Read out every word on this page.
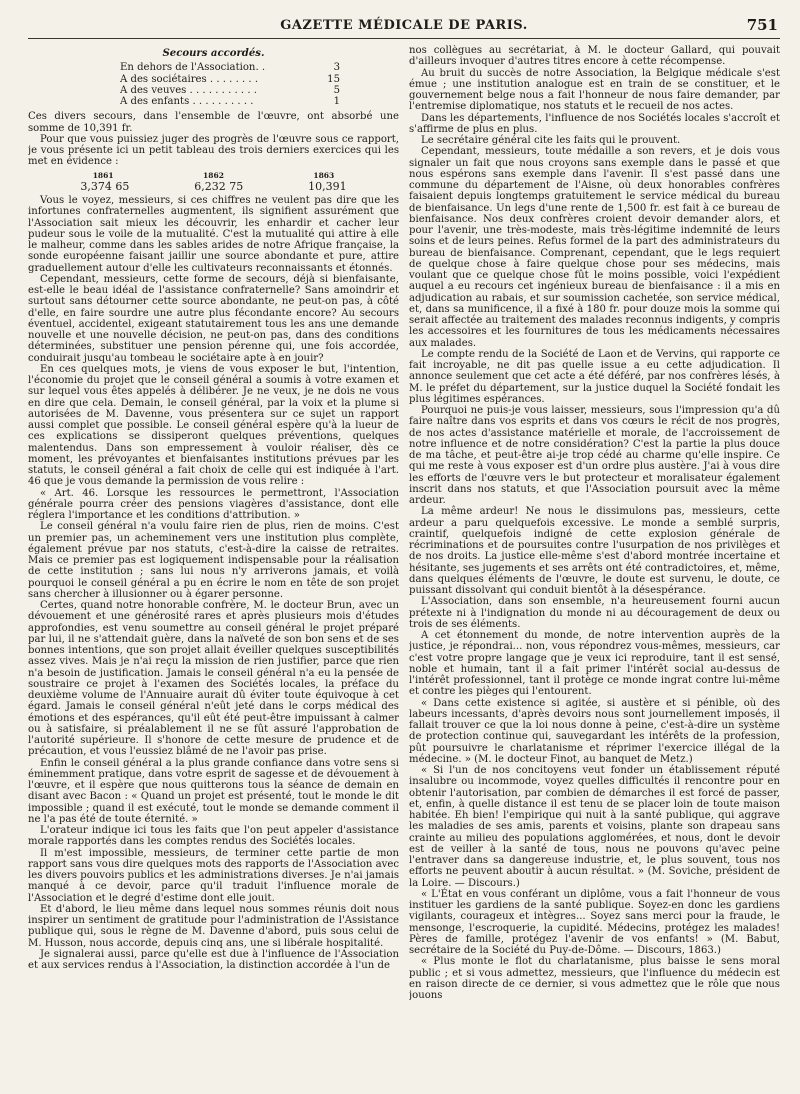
GAZETTE MÉDICALE DE PARIS.	751
Secours accordés.
En dehors de l'Association. .	3
A des sociétaires . . . . . . . .	15
A des veuves . . . . . . . . . . .	5
A des enfants . . . . . . . . . .	1

Ces divers secours, dans l'ensemble de l'œuvre, ont absorbé une somme de 10,391 fr.

Pour que vous puissiez juger des progrès de l'œuvre sous ce rapport, je vous présente ici un petit tableau des trois derniers exercices qui les met en évidence :

1861	1862	1863
3,374 65	6,232 75	10,391

Vous le voyez, messieurs, si ces chiffres ne veulent pas dire que les infortunes confraternelles augmentent, ils signifient assurément que l'Association sait mieux les découvrir, les enhardir et cacher leur pudeur sous le voile de la mutualité. C'est la mutualité qui attire à elle le malheur, comme dans les sables arides de notre Afrique française, la sonde européenne faisant jaillir une source abondante et pure, attire graduellement autour d'elle les cultivateurs reconnaissants et étonnés.

Cependant, messieurs, cette forme de secours, déjà si bienfaisante, est-elle le beau idéal de l'assistance confraternelle? Sans amoindrir et surtout sans détourner cette source abondante, ne peut-on pas, à côté d'elle, en faire sourdre une autre plus fécondante encore? Au secours éventuel, accidentel, exigeant statutairement tous les ans une demande nouvelle et une nouvelle décision, ne peut-on pas, dans des conditions déterminées, substituer une pension pérenne qui, une fois accordée, conduirait jusqu'au tombeau le sociétaire apte à en jouir?

En ces quelques mots, je viens de vous exposer le but, l'intention, l'économie du projet que le conseil général a soumis à votre examen et sur lequel vous êtes appelés à délibérer. Je ne veux, je ne dois ne vous en dire que cela. Demain, le conseil général, par la voix et la plume si autorisées de M. Davenne, vous présentera sur ce sujet un rapport aussi complet que possible. Le conseil général espère qu'à la lueur de ces explications se dissiperont quelques préventions, quelques malentendus. Dans son empressement à vouloir réaliser, dès ce moment, les prévoyantes et bienfaisantes institutions prévues par les statuts, le conseil général a fait choix de celle qui est indiquée à l'art. 46 que je vous demande la permission de vous relire :

« Art. 46. Lorsque les ressources le permettront, l'Association générale pourra créer des pensions viagères d'assistance, dont elle réglera l'importance et les conditions d'attribution. »

Le conseil général n'a voulu faire rien de plus, rien de moins. C'est un premier pas, un acheminement vers une institution plus complète, également prévue par nos statuts, c'est-à-dire la caisse de retraites. Mais ce premier pas est logiquement indispensable pour la réalisation de cette institution ; sans lui nous n'y arriverons jamais, et voilà pourquoi le conseil général a pu en écrire le nom en tête de son projet sans chercher à illusionner ou à égarer personne.

Certes, quand notre honorable confrère, M. le docteur Brun, avec un dévouement et une générosité rares et après plusieurs mois d'études approfondies, est venu soumettre au conseil général le projet préparé par lui, il ne s'attendait guère, dans la naïveté de son bon sens et de ses bonnes intentions, que son projet allait éveiller quelques susceptibilités assez vives. Mais je n'ai reçu la mission de rien justifier, parce que rien n'a besoin de justification. Jamais le conseil général n'a eu la pensée de soustraire ce projet à l'examen des Sociétés locales, la préface du deuxième volume de l'Annuaire aurait dû éviter toute équivoque à cet égard. Jamais le conseil général n'eût jeté dans le corps médical des émotions et des espérances, qu'il eût été peut-être impuissant à calmer ou à satisfaire, si préalablement il ne se fût assuré l'approbation de l'autorité supérieure. Il s'honore de cette mesure de prudence et de précaution, et vous l'eussiez blâmé de ne l'avoir pas prise.

Enfin le conseil général a la plus grande confiance dans votre sens si éminemment pratique, dans votre esprit de sagesse et de dévouement à l'œuvre, et il espère que nous quitterons tous la séance de demain en disant avec Bacon : « Quand un projet est présenté, tout le monde le dit impossible ; quand il est exécuté, tout le monde se demande comment il ne l'a pas été de toute éternité. »

L'orateur indique ici tous les faits que l'on peut appeler d'assistance morale rapportés dans les comptes rendus des Sociétés locales.

Il m'est impossible, messieurs, de terminer cette partie de mon rapport sans vous dire quelques mots des rapports de l'Association avec les divers pouvoirs publics et les administrations diverses. Je n'ai jamais manqué à ce devoir, parce qu'il traduit l'influence morale de l'Association et le degré d'estime dont elle jouit.

Et d'abord, le lieu même dans lequel nous sommes réunis doit nous inspirer un sentiment de gratitude pour l'administration de l'Assistance publique qui, sous le règne de M. Davenne d'abord, puis sous celui de M. Husson, nous accorde, depuis cinq ans, une si libérale hospitalité.

Je signalerai aussi, parce qu'elle est due à l'influence de l'Association et aux services rendus à l'Association, la distinction accordée à l'un de

nos collègues au secrétariat, à M. le docteur Gallard, qui pouvait d'ailleurs invoquer d'autres titres encore à cette récompense.

Au bruit du succès de notre Association, la Belgique médicale s'est émue ; une institution analogue est en train de se constituer, et le gouvernement belge nous a fait l'honneur de nous faire demander, par l'entremise diplomatique, nos statuts et le recueil de nos actes.

Dans les départements, l'influence de nos Sociétés locales s'accroît et s'affirme de plus en plus.

Le secrétaire général cite les faits qui le prouvent.

Cependant, messieurs, toute médaille a son revers, et je dois vous signaler un fait que nous croyons sans exemple dans le passé et que nous espérons sans exemple dans l'avenir. Il s'est passé dans une commune du département de l'Aisne, où deux honorables confrères faisaient depuis longtemps gratuitement le service médical du bureau de bienfaisance. Un legs d'une rente de 1,500 fr. est fait à ce bureau de bienfaisance. Nos deux confrères croient devoir demander alors, et pour l'avenir, une très-modeste, mais très-légitime indemnité de leurs soins et de leurs peines. Refus formel de la part des administrateurs du bureau de bienfaisance. Comprenant, cependant, que le legs requiert de quelque chose à faire quelque chose pour ses médecins, mais voulant que ce quelque chose fût le moins possible, voici l'expédient auquel a eu recours cet ingénieux bureau de bienfaisance : il a mis en adjudication au rabais, et sur soumission cachetée, son service médical, et, dans sa munificence, il a fixé à 180 fr. pour douze mois la somme qui serait affectée au traitement des malades reconnus indigents, y compris les accessoires et les fournitures de tous les médicaments nécessaires aux malades.

Le compte rendu de la Société de Laon et de Vervins, qui rapporte ce fait incroyable, ne dit pas quelle issue a eu cette adjudication. Il annonce seulement que cet acte a été déféré, par nos confrères lésés, à M. le préfet du département, sur la justice duquel la Société fondait les plus légitimes espérances.

Pourquoi ne puis-je vous laisser, messieurs, sous l'impression qu'a dû faire naître dans vos esprits et dans vos cœurs le récit de nos progrès, de nos actes d'assistance matérielle et morale, de l'accroissement de notre influence et de notre considération? C'est la partie la plus douce de ma tâche, et peut-être ai-je trop cédé au charme qu'elle inspire. Ce qui me reste à vous exposer est d'un ordre plus austère. J'ai à vous dire les efforts de l'œuvre vers le but protecteur et moralisateur également inscrit dans nos statuts, et que l'Association poursuit avec la même ardeur.

La même ardeur! Ne nous le dissimulons pas, messieurs, cette ardeur a paru quelquefois excessive. Le monde a semblé surpris, craintif, quelquefois indigné de cette explosion générale de récriminations et de poursuites contre l'usurpation de nos privilèges et de nos droits. La justice elle-même s'est d'abord montrée incertaine et hésitante, ses jugements et ses arrêts ont été contradictoires, et, même, dans quelques éléments de l'œuvre, le doute est survenu, le doute, ce puissant dissolvant qui conduit bientôt à la désespérance.

L'Association, dans son ensemble, n'a heureusement fourni aucun prétexte ni à l'indignation du monde ni au découragement de deux ou trois de ses éléments.

A cet étonnement du monde, de notre intervention auprès de la justice, je répondrai... non, vous répondrez vous-mêmes, messieurs, car c'est votre propre langage que je veux ici reproduire, tant il est sensé, noble et humain, tant il a fait primer l'intérêt social au-dessus de l'intérêt professionnel, tant il protège ce monde ingrat contre lui-même et contre les pièges qui l'entourent.

« Dans cette existence si agitée, si austère et si pénible, où des labeurs incessants, d'après devoirs nous sont journellement imposés, il fallait trouver ce que la loi nous donne à peine, c'est-à-dire un système de protection continue qui, sauvegardant les intérêts de la profession, pût poursuivre le charlatanisme et réprimer l'exercice illégal de la médecine. » (M. le docteur Finot, au banquet de Metz.)

« Si l'un de nos concitoyens veut fonder un établissement réputé insalubre ou incommode, voyez quelles difficultés il rencontre pour en obtenir l'autorisation, par combien de démarches il est forcé de passer, et, enfin, à quelle distance il est tenu de se placer loin de toute maison habitée. Eh bien! l'empirique qui nuit à la santé publique, qui aggrave les maladies de ses amis, parents et voisins, plante son drapeau sans crainte au milieu des populations agglomérées, et nous, dont le devoir est de veiller à la santé de tous, nous ne pouvons qu'avec peine l'entraver dans sa dangereuse industrie, et, le plus souvent, tous nos efforts ne peuvent aboutir à aucun résultat. » (M. Soviche, président de la Loire. — Discours.)

« L'État en vous conférant un diplôme, vous a fait l'honneur de vous instituer les gardiens de la santé publique. Soyez-en donc les gardiens vigilants, courageux et intègres... Soyez sans merci pour la fraude, le mensonge, l'escroquerie, la cupidité. Médecins, protégez les malades! Pères de famille, protégez l'avenir de vos enfants! » (M. Babut, secrétaire de la Société du Puy-de-Dôme. — Discours, 1863.)

« Plus monte le flot du charlatanisme, plus baisse le sens moral public ; et si vous admettez, messieurs, que l'influence du médecin est en raison directe de ce dernier, si vous admettez que le rôle que nous jouons
